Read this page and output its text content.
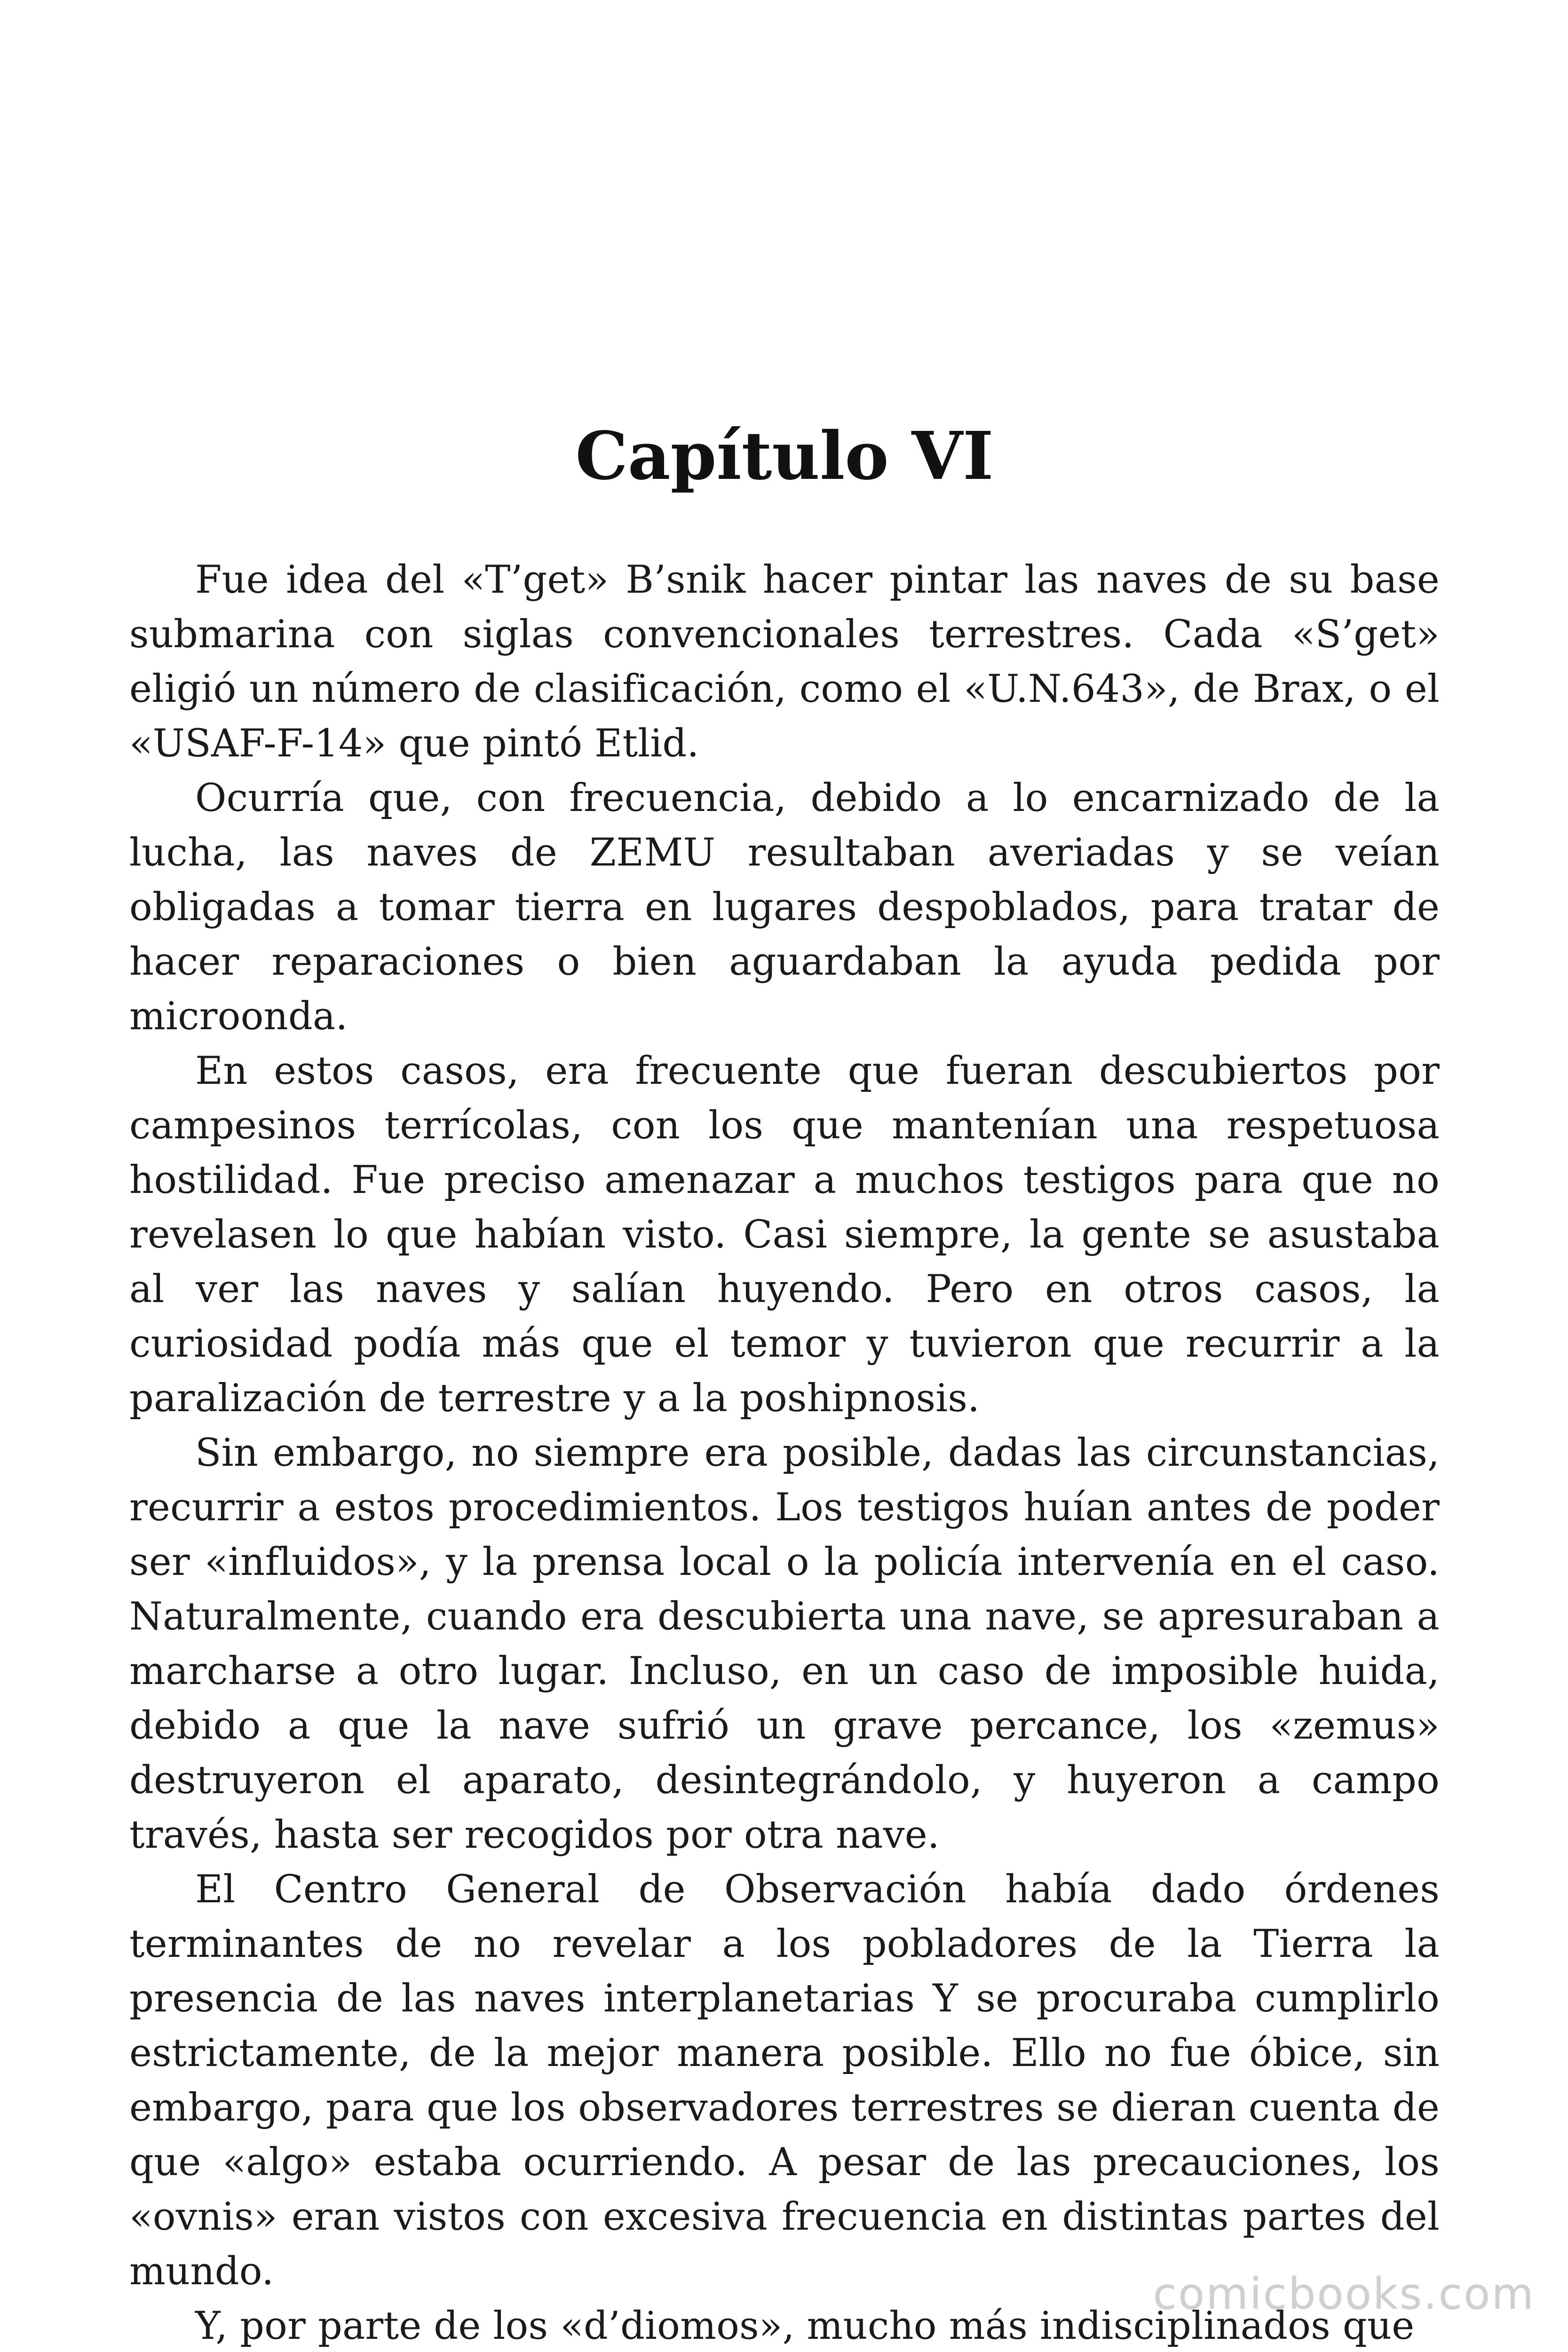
Capítulo VI

Fue idea del «T’get» B’snik hacer pintar las naves de su base submarina con siglas convencionales terrestres. Cada «S’get» eligió un número de clasificación, como el «U.N.643», de Brax, o el «USAF-F-14» que pintó Etlid.

Ocurría que, con frecuencia, debido a lo encarnizado de la lucha, las naves de ZEMU resultaban averiadas y se veían obligadas a tomar tierra en lugares despoblados, para tratar de hacer reparaciones o bien aguardaban la ayuda pedida por microonda.

En estos casos, era frecuente que fueran descubiertos por campesinos terrícolas, con los que mantenían una respetuosa hostilidad. Fue preciso amenazar a muchos testigos para que no revelasen lo que habían visto. Casi siempre, la gente se asustaba al ver las naves y salían huyendo. Pero en otros casos, la curiosidad podía más que el temor y tuvieron que recurrir a la paralización de terrestre y a la poshipnosis.

Sin embargo, no siempre era posible, dadas las circunstancias, recurrir a estos procedimientos. Los testigos huían antes de poder ser «influidos», y la prensa local o la policía intervenía en el caso. Naturalmente, cuando era descubierta una nave, se apresuraban a marcharse a otro lugar. Incluso, en un caso de imposible huida, debido a que la nave sufrió un grave percance, los «zemus» destruyeron el aparato, desintegrándolo, y huyeron a campo través, hasta ser recogidos por otra nave.

El Centro General de Observación había dado órdenes terminantes de no revelar a los pobladores de la Tierra la presencia de las naves interplanetarias Y se procuraba cumplirlo estrictamente, de la mejor manera posible. Ello no fue óbice, sin embargo, para que los observadores terrestres se dieran cuenta de que «algo» estaba ocurriendo. A pesar de las precauciones, los «ovnis» eran vistos con excesiva frecuencia en distintas partes del mundo.

Y, por parte de los «d’diomos», mucho más indisciplinados que

comicbooks.com
